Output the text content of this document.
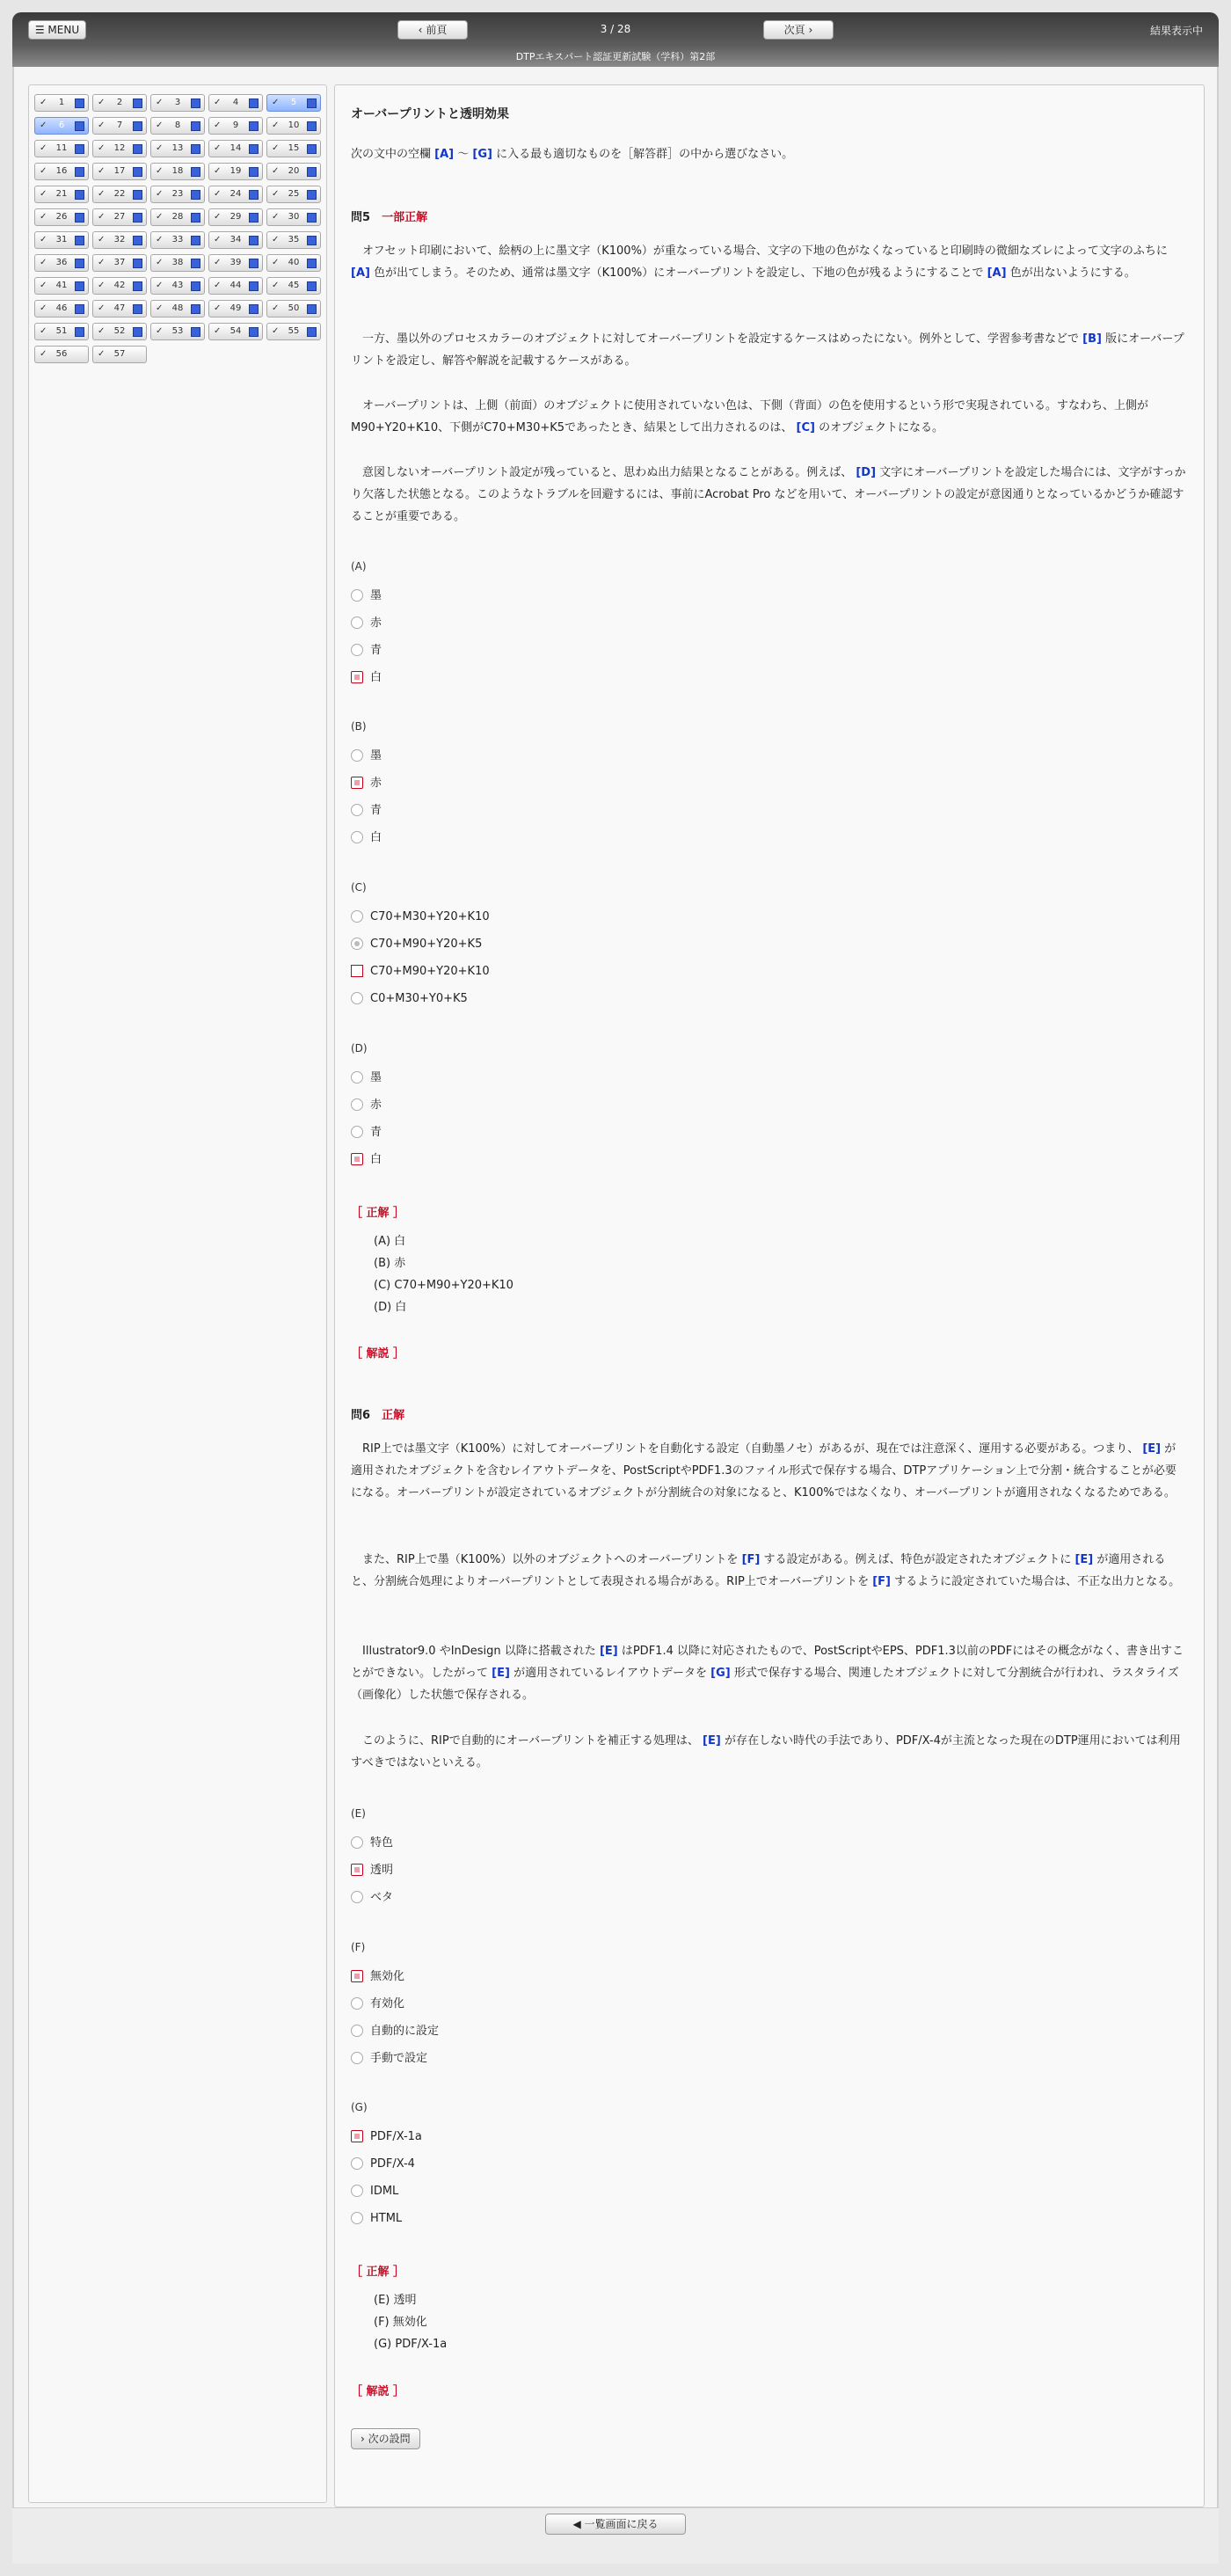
☰ MENU	‹ 前頁	3 / 28	次頁 ›	結果表示中
DTPエキスパート認証更新試験（学科）第2部
✓	1	✓	2	✓	3	✓	4	✓	5
✓	6	✓	7	✓	8	✓	9	✓	10
✓	11	✓	12	✓	13	✓	14	✓	15
✓	16	✓	17	✓	18	✓	19	✓	20
✓	21	✓	22	✓	23	✓	24	✓	25
✓	26	✓	27	✓	28	✓	29	✓	30
✓	31	✓	32	✓	33	✓	34	✓	35
✓	36	✓	37	✓	38	✓	39	✓	40
✓	41	✓	42	✓	43	✓	44	✓	45
✓	46	✓	47	✓	48	✓	49	✓	50
✓	51	✓	52	✓	53	✓	54	✓	55
✓	56	✓	57
オーバープリントと透明効果
次の文中の空欄 [A] 〜 [G] に入る最も適切なものを［解答群］の中から選びなさい。
問5　 一部正解
　オフセット印刷において、絵柄の上に墨文字（K100%）が重なっている場合、文字の下地の色がなくなっていると印刷時の微細なズレによって文字のふちに [A] 色が出てしまう。そのため、通常は墨文字（K100%）にオーバープリントを設定し、下地の色が残るようにすることで [A] 色が出ないようにする。
　一方、墨以外のプロセスカラーのオブジェクトに対してオーバープリントを設定するケースはめったにない。例外として、学習参考書などで [B] 版にオーバープリントを設定し、解答や解説を記載するケースがある。
　オーバープリントは、上側（前面）のオブジェクトに使用されていない色は、下側（背面）の色を使用するという形で実現されている。すなわち、上側がM90+Y20+K10、下側がC70+M30+K5であったとき、結果として出力されるのは、 [C] のオブジェクトになる。
　意図しないオーバープリント設定が残っていると、思わぬ出力結果となることがある。例えば、 [D] 文字にオーバープリントを設定した場合には、文字がすっかり欠落した状態となる。このようなトラブルを回避するには、事前にAcrobat Pro などを用いて、オーバープリントの設定が意図通りとなっているかどうか確認することが重要である。
(A)
墨
赤
青
白
(B)
墨
赤
青
白
(C)
C70+M30+Y20+K10
C70+M90+Y20+K5
C70+M90+Y20+K10
C0+M30+Y0+K5
(D)
墨
赤
青
白
［ 正解 ］
(A) 白
(B) 赤
(C) C70+M90+Y20+K10
(D) 白
［ 解説 ］
問6　 正解
　RIP上では墨文字（K100%）に対してオーバープリントを自動化する設定（自動墨ノセ）があるが、現在では注意深く、運用する必要がある。つまり、 [E] が適用されたオブジェクトを含むレイアウトデータを、PostScriptやPDF1.3のファイル形式で保存する場合、DTPアプリケーション上で分割・統合することが必要になる。オーバープリントが設定されているオブジェクトが分割統合の対象になると、K100%ではなくなり、オーバープリントが適用されなくなるためである。
　また、RIP上で墨（K100%）以外のオブジェクトへのオーバープリントを [F] する設定がある。例えば、特色が設定されたオブジェクトに [E] が適用されると、分割統合処理によりオーバープリントとして表現される場合がある。RIP上でオーバープリントを [F] するように設定されていた場合は、不正な出力となる。
　Illustrator9.0 やInDesign 以降に搭載された [E] はPDF1.4 以降に対応されたもので、PostScriptやEPS、PDF1.3以前のPDFにはその概念がなく、書き出すことができない。したがって [E] が適用されているレイアウトデータを [G] 形式で保存する場合、関連したオブジェクトに対して分割統合が行われ、ラスタライズ（画像化）した状態で保存される。
　このように、RIPで自動的にオーバープリントを補正する処理は、 [E] が存在しない時代の手法であり、PDF/X-4が主流となった現在のDTP運用においては利用すべきではないといえる。
(E)
特色
透明
ベタ
(F)
無効化
有効化
自動的に設定
手動で設定
(G)
PDF/X-1a
PDF/X-4
IDML
HTML
［ 正解 ］
(E) 透明
(F) 無効化
(G) PDF/X-1a
［ 解説 ］
› 次の設問
◀ 一覧画面に戻る
